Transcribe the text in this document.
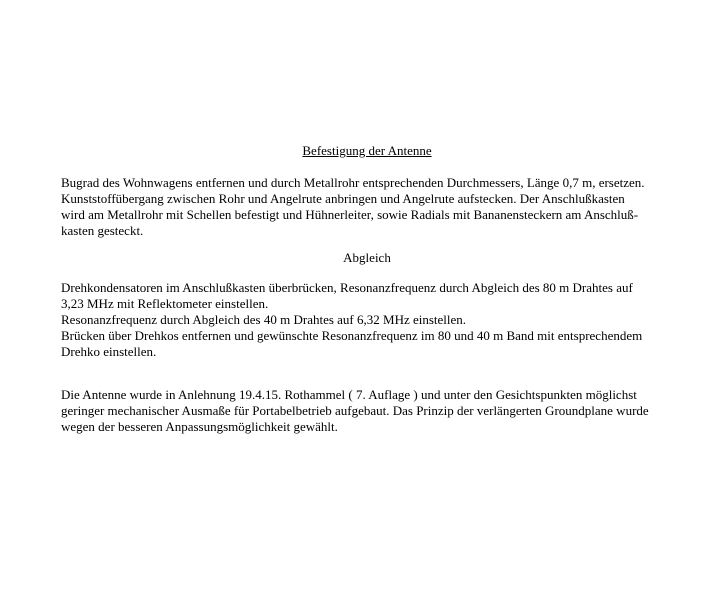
Befestigung der Antenne
Bugrad des Wohnwagens entfernen und durch Metallrohr entsprechenden Durchmessers, Länge 0,7 m, ersetzen.
Kunststoffübergang zwischen Rohr und Angelrute anbringen und Angelrute aufstecken. Der Anschlußkasten
wird am Metallrohr mit Schellen befestigt und Hühnerleiter, sowie Radials mit Bananensteckern am Anschluß-
kasten gesteckt.
Abgleich
Drehkondensatoren im Anschlußkasten überbrücken, Resonanzfrequenz durch Abgleich des 80 m Drahtes auf
3,23 MHz mit Reflektometer einstellen.
Resonanzfrequenz durch Abgleich des 40 m Drahtes auf 6,32 MHz einstellen.
Brücken über Drehkos entfernen und gewünschte Resonanzfrequenz im 80 und 40 m Band mit entsprechendem
Drehko einstellen.
Die Antenne wurde in Anlehnung 19.4.15. Rothammel ( 7. Auflage ) und unter den Gesichtspunkten möglichst
geringer mechanischer Ausmaße für Portabelbetrieb aufgebaut. Das Prinzip der verlängerten Groundplane wurde
wegen der besseren Anpassungsmöglichkeit gewählt.
